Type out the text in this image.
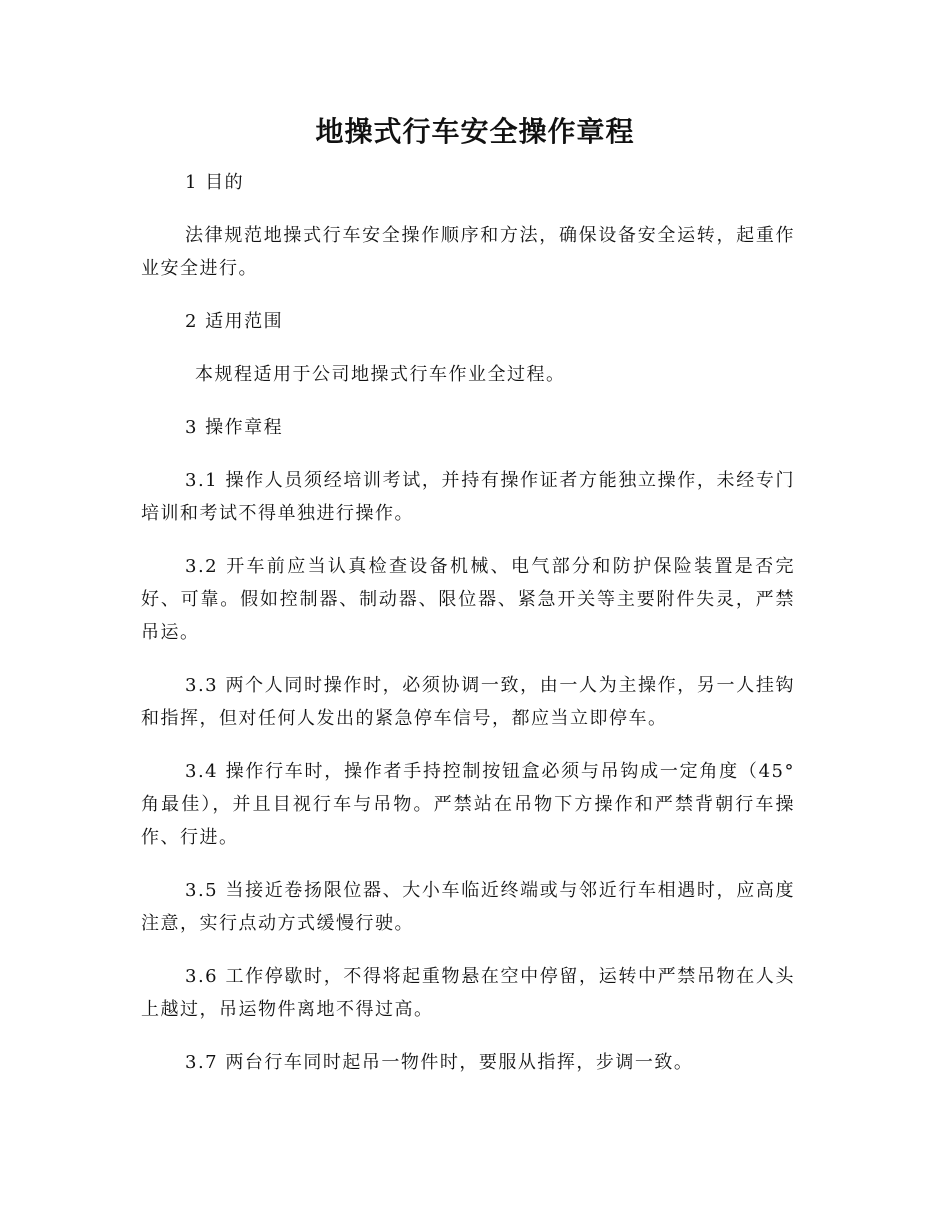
地操式行车安全操作章程

1 目的

法律规范地操式行车安全操作顺序和方法，确保设备安全运转，起重作业安全进行。

2 适用范围

本规程适用于公司地操式行车作业全过程。

3 操作章程

3.1 操作人员须经培训考试，并持有操作证者方能独立操作，未经专门培训和考试不得单独进行操作。

3.2 开车前应当认真检查设备机械、电气部分和防护保险装置是否完好、可靠。假如控制器、制动器、限位器、紧急开关等主要附件失灵，严禁吊运。

3.3 两个人同时操作时，必须协调一致，由一人为主操作，另一人挂钩和指挥，但对任何人发出的紧急停车信号，都应当立即停车。

3.4 操作行车时，操作者手持控制按钮盒必须与吊钩成一定角度（45° 角最佳），并且目视行车与吊物。严禁站在吊物下方操作和严禁背朝行车操作、行进。

3.5 当接近卷扬限位器、大小车临近终端或与邻近行车相遇时，应高度注意，实行点动方式缓慢行驶。

3.6 工作停歇时，不得将起重物悬在空中停留，运转中严禁吊物在人头上越过，吊运物件离地不得过高。

3.7 两台行车同时起吊一物件时，要服从指挥，步调一致。
